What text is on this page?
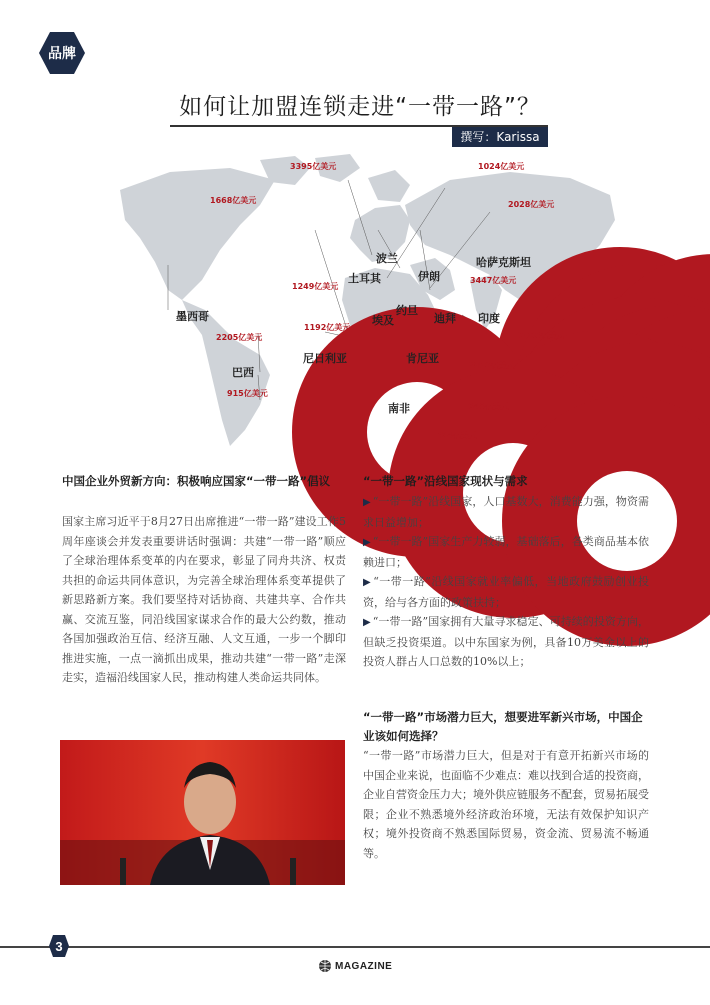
品牌
如何让加盟连锁走进“一带一路”？
撰写：Karissa
波兰
土耳其	伊朗
哈萨克斯坦
墨西哥	约旦
埃及	迪拜 印度
尼日利亚	肯尼亚
巴西
南非
3395亿美元	1024亿美元
1668亿美元	2028亿美元
1249亿美元
3447亿美元
1192亿美元
2205亿美元	7006亿美元
2850亿美元
915亿美元
648亿美元
524亿美元
中国企业外贸新方向：积极响应国家“一带一路”倡议

国家主席习近平于8月27日出席推进“一带一路”建设工作5周年座谈会并发表重要讲话时强调：共建“一带一路”顺应了全球治理体系变革的内在要求，彰显了同舟共济、权责共担的命运共同体意识，为完善全球治理体系变革提供了新思路新方案。我们要坚持对话协商、共建共享、合作共赢、交流互鉴，同沿线国家谋求合作的最大公约数，推动各国加强政治互信、经济互融、人文互通，一步一个脚印推进实施，一点一滴抓出成果，推动共建“一带一路”走深走实，造福沿线国家人民，推动构建人类命运共同体。

“一带一路”沿线国家现状与需求

▶ “一带一路”沿线国家，人口基数大，消费能力强，物资需求日益增加；

▶ “一带一路”国家生产力较弱，基础落后，各类商品基本依赖进口；

▶ “一带一路”沿线国家就业率偏低，当地政府鼓励创业投资，给与各方面的政策扶持；

▶ “一带一路”国家拥有大量寻求稳定、可持续的投资方向，但缺乏投资渠道。以中东国家为例，具备10万美金以上的投资人群占人口总数的10%以上；

“一带一路”市场潜力巨大，想要进军新兴市场，中国企业该如何选择？

“一带一路”市场潜力巨大，但是对于有意开拓新兴市场的中国企业来说，也面临不少难点：难以找到合适的投资商，企业自营资金压力大；境外供应链服务不配套，贸易拓展受限；企业不熟悉境外经济政治环境，无法有效保护知识产权；境外投资商不熟悉国际贸易，资金流、贸易流不畅通等。

3
MAGAZINE
